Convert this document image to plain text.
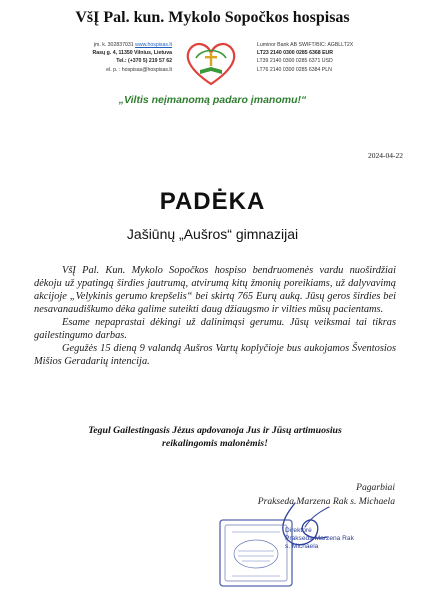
VšĮ Pal. kun. Mykolo Sopočkos hospisas
įm. k. 302837031 www.hospisas.lt
Rasų g. 4, 11350 Vilnius, Lietuva
Tel.: (+370 5) 219 57 62
el. p. : hospisas@hospisas.lt
Luminor Bank AB SWIFT/BIC: AGBLLT2X
LT23 2140 0300 0285 6368 EUR
LT39 2140 0300 0285 6371 USD
LT76 2140 0300 0285 6384 PLN
„Viltis neįmanomą padaro įmanomu!“
2024-04-22
PADĖKA
Jašiūnų „Aušros“ gimnazijai

VšĮ Pal. Kun. Mykolo Sopočkos hospiso bendruomenės vardu nuoširdžiai dėkoju už ypatingą širdies jautrumą, atvirumą kitų žmonių poreikiams, už dalyvavimą akcijoje „Velykinis gerumo krepšelis“ bei skirtą 765 Eurų auką. Jūsų geros širdies bei nesavanaudiškumo dėka galime suteikti daug džiaugsmo ir vilties mūsų pacientams.

Esame nepaprastai dėkingi už dalinimąsi gerumu. Jūsų veiksmai tai tikras gailestingumo darbas.

Gegužės 15 dieną 9 valandą Aušros Vartų koplyčioje bus aukojamos Šventosios Mišios Geradarių intencija.

Tegul Gailestingasis Jėzus apdovanoja Jus ir Jūsų artimuosius
reikalingomis malonėmis!
Pagarbiai
Prakseda Marzena Rak s. Michaela
Direktorė
Prakseda Marzena Rak
s. Michaela
